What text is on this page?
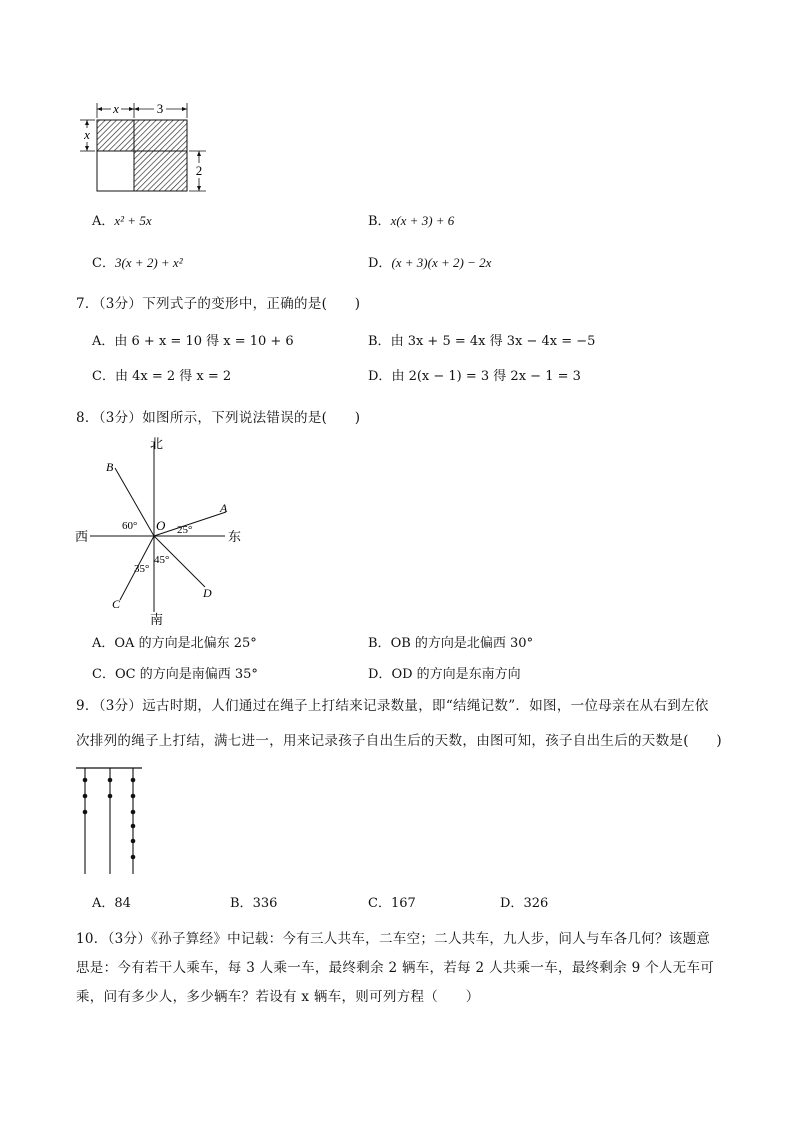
x	3
x
2
A．x² + 5x	B．x(x + 3) + 6
C．3(x + 2) + x²	D．(x + 3)(x + 2) − 2x
7．（3分）下列式子的变形中，正确的是(　　)
A．由 6 + x = 10 得 x = 10 + 6	B．由 3x + 5 = 4x 得 3x − 4x = −5
C．由 4x = 2 得 x = 2	D．由 2(x − 1) = 3 得 2x − 1 = 3
8．（3分）如图所示，下列说法错误的是(　　)
北
南
西	东
O
A
B
C
D
60°	25°
45°
35°
A．OA 的方向是北偏东 25°	B．OB 的方向是北偏西 30°
C．OC 的方向是南偏西 35°	D．OD 的方向是东南方向
9．（3分）远古时期，人们通过在绳子上打结来记录数量，即“结绳记数”．如图，一位母亲在从右到左依
次排列的绳子上打结，满七进一，用来记录孩子自出生后的天数，由图可知，孩子自出生后的天数是(　　)
A．84	B．336	C．167	D．326
10．（3分）《孙子算经》中记载：今有三人共车，二车空；二人共车，九人步，问人与车各几何？该题意
思是：今有若干人乘车，每 3 人乘一车，最终剩余 2 辆车，若每 2 人共乘一车，最终剩余 9 个人无车可
乘，问有多少人，多少辆车？若设有 x 辆车，则可列方程（　　）
